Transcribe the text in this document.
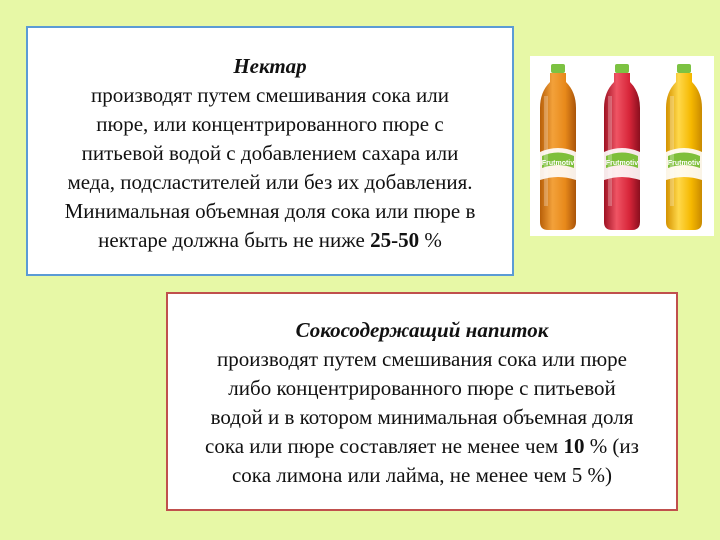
Нектар
производят путем смешивания сока или
пюре, или концентрированного пюре с
питьевой водой с добавлением сахара или
меда, подсластителей или без их добавления.
Минимальная объемная доля сока или пюре в
нектаре должна быть не ниже 25-50 %
Frutmotiv	Frutmotiv	Frutmotiv
Сокосодержащий напиток
производят путем смешивания сока или пюре
либо концентрированного пюре с питьевой
водой и в котором минимальная объемная доля
сока или пюре составляет не менее чем 10 % (из
сока лимона или лайма, не менее чем 5 %)
